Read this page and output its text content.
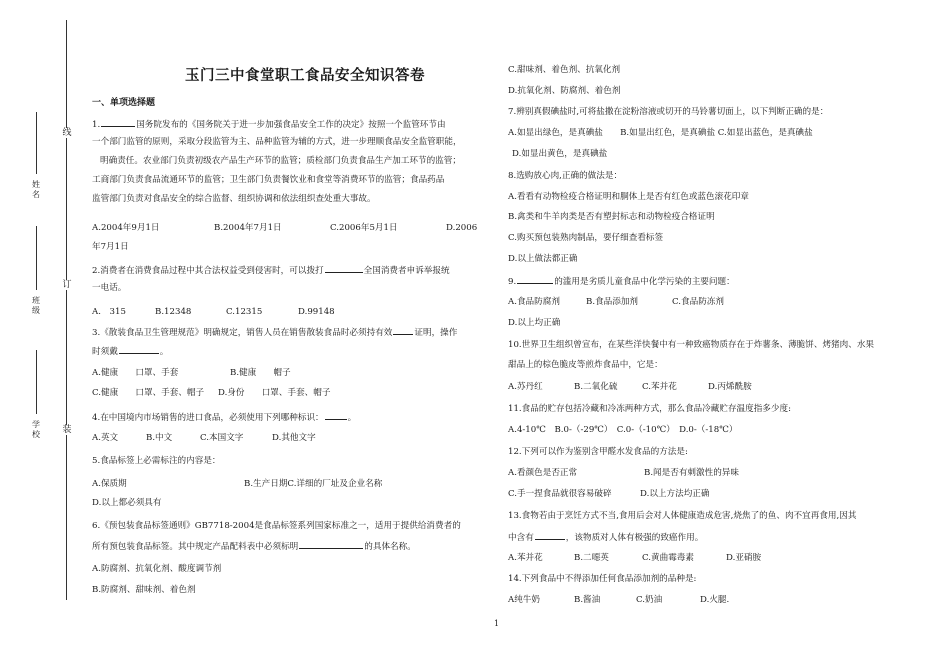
线
订
装
姓名
班级
学校
玉门三中食堂职工食品安全知识答卷
一、单项选择题
1.	国务院发布的《国务院关于进一步加强食品安全工作的决定》按照一个监管环节由
一个部门监管的原则，采取分段监管为主、品种监管为辅的方式，进一步理顺食品安全监管职能，
明确责任。农业部门负责初级农产品生产环节的监管；质检部门负责食品生产加工环节的监管；
工商部门负责食品流通环节的监管；卫生部门负责餐饮业和食堂等消费环节的监管；食品药品
监管部门负责对食品安全的综合监督、组织协调和依法组织查处重大事故。
A.2004年9月1日	B.2004年7月1日	C.2006年5月1日	D.2006
年7月1日
2.消费者在消费食品过程中其合法权益受到侵害时，可以拨打	全国消费者申诉举报统
一电话。
A.　315	B.12348	C.12315	D.99148
3.《散装食品卫生管理规范》明确规定，销售人员在销售散装食品时必须持有效	证明，操作
时须戴	。
A.健康　　口罩、手套	B.健康　　帽子
C.健康　　口罩、手套、帽子 D.身份　　口罩、手套、帽子
4.在中国境内市场销售的进口食品，必须使用下列哪种标识：	。
A.英文	B.中文	C.本国文字	D.其他文字
5.食品标签上必需标注的内容是：
A.保质期	B.生产日期C.详细的厂址及企业名称
D.以上都必须具有
6.《预包装食品标签通则》GB7718-2004是食品标签系列国家标准之一，适用于提供给消费者的
所有预包装食品标签。其中规定产品配料表中必须标明	的具体名称。
A.防腐剂、抗氧化剂、酸度调节剂
B.防腐剂、甜味剂、着色剂
C.甜味剂、着色剂、抗氧化剂
D.抗氧化剂、防腐剂、着色剂
7.辨别真假碘盐时,可将盐撒在淀粉溶液或切开的马铃薯切面上，以下判断正确的是：
A.如显出绿色，是真碘盐　　B.如显出红色，是真碘盐 C.如显出蓝色，是真碘盐
D.如显出黄色，是真碘盐
8.选购放心肉,正确的做法是：
A.看看有动物检疫合格证明和胴体上是否有红色或蓝色滚花印章
B.禽类和牛羊肉类是否有塑封标志和动物检疫合格证明
C.购买预包装熟肉制品，要仔细查看标签
D.以上做法都正确
9.	的滥用是劣质儿童食品中化学污染的主要问题：
A.食品防腐剂	B.食品添加剂	C.食品防冻剂
D.以上均正确
10.世界卫生组织曾宣布，在某些洋快餐中有一种致癌物质存在于炸薯条、薄脆饼、烤猪肉、水果
甜品上的棕色脆皮等煎炸食品中，它是：
A.苏丹红	B.二氧化硫	C.苯并花	D.丙烯酰胺
11.食品的贮存包括冷藏和冷冻两种方式，那么食品冷藏贮存温度指多少度:
A.4-10℃　B.0-（-29℃）　C.0-（-10℃）　D.0-（-18℃）
12.下列可以作为鉴别含甲醛水发食品的方法是:
A.看颜色是否正常	B.闻是否有刺激性的异味
C.手一捏食品就很容易破碎	D.以上方法均正确
13.食物若由于烹饪方式不当,食用后会对人体健康造成危害,烧焦了的鱼、肉不宜再食用,因其
中含有	，该物质对人体有极强的致癌作用。
A.苯并花	B.二噁英	C.黄曲霉毒素	D.亚硝胺
14.下列食品中不得添加任何食品添加剂的品种是:
A纯牛奶	B.酱油	C.奶油	D.火腿.
1
